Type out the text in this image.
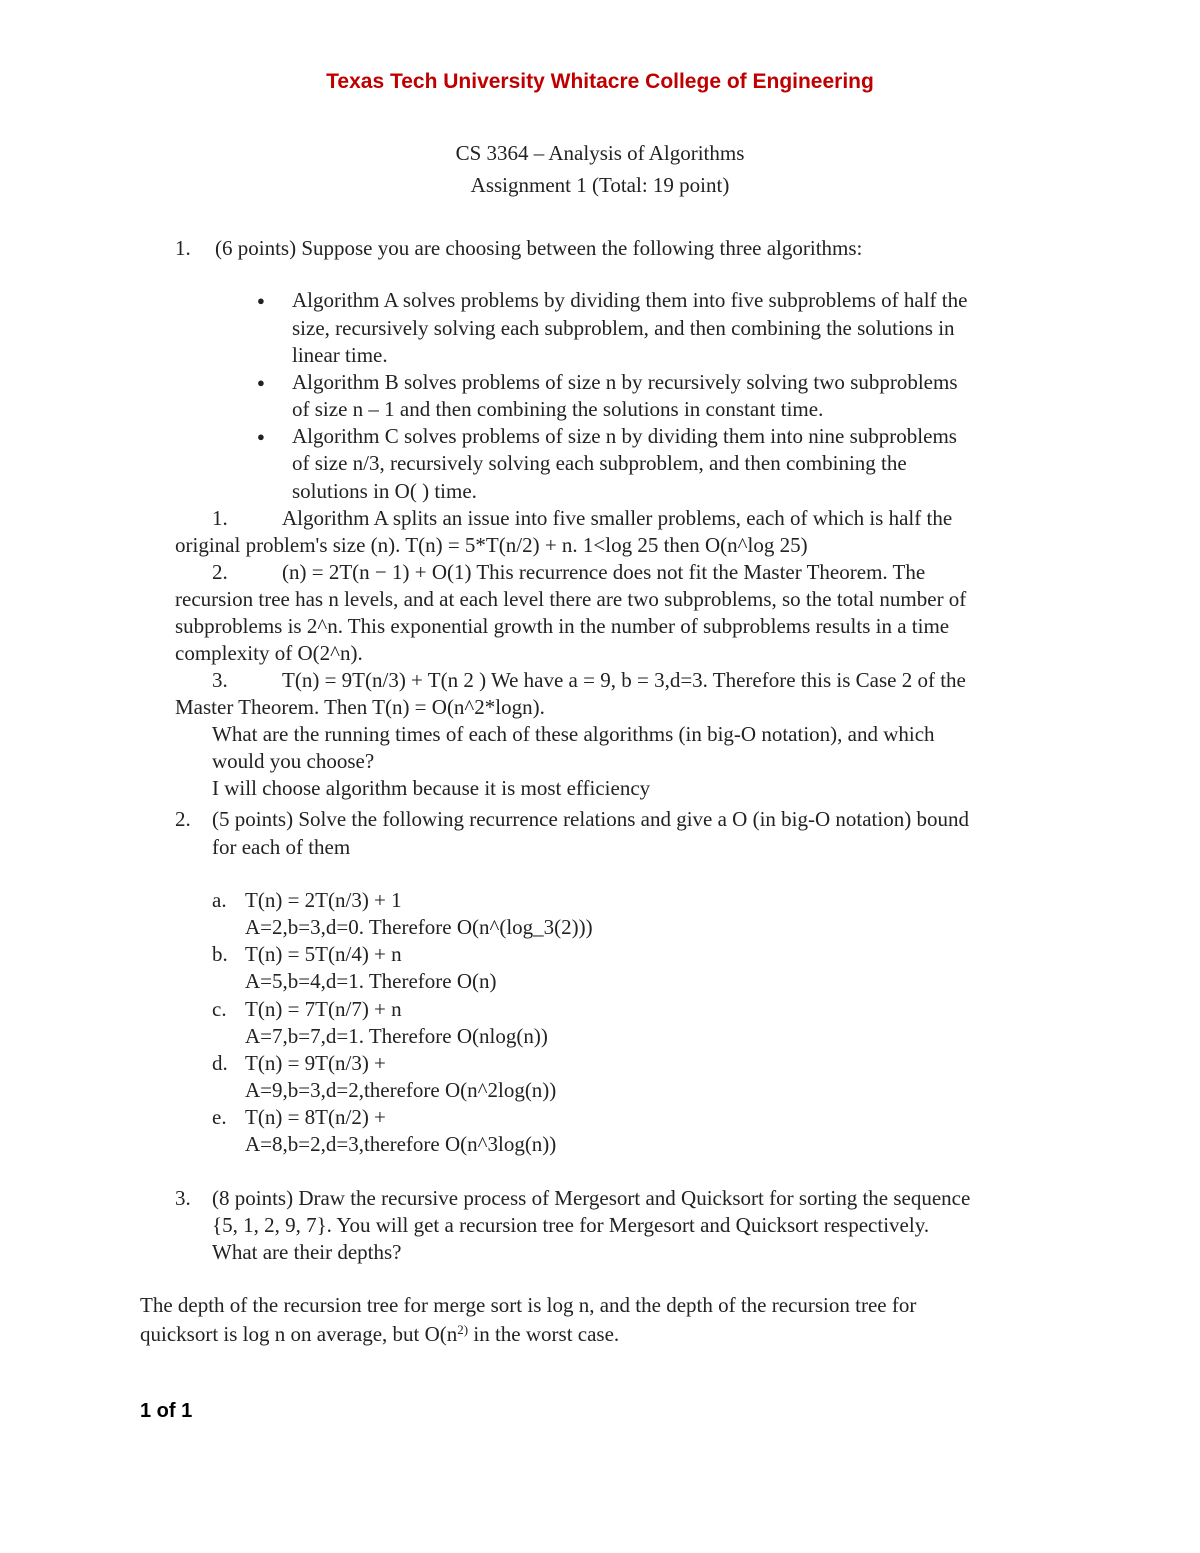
Texas Tech University Whitacre College of Engineering
CS 3364 – Analysis of Algorithms
Assignment 1 (Total: 19 point)
1. (6 points) Suppose you are choosing between the following three algorithms:
● Algorithm A solves problems by dividing them into five subproblems of half the
size, recursively solving each subproblem, and then combining the solutions in
linear time.
● Algorithm B solves problems of size n by recursively solving two subproblems
of size n – 1 and then combining the solutions in constant time.
● Algorithm C solves problems of size n by dividing them into nine subproblems
of size n/3, recursively solving each subproblem, and then combining the
solutions in O( ) time.
1.	Algorithm A splits an issue into five smaller problems, each of which is half the
original problem's size (n). T(n) = 5*T(n/2) + n. 1<log 25 then O(n^log 25)
2.	(n) = 2T(n − 1) + O(1) This recurrence does not fit the Master Theorem. The
recursion tree has n levels, and at each level there are two subproblems, so the total number of
subproblems is 2^n. This exponential growth in the number of subproblems results in a time
complexity of O(2^n).
3.	T(n) = 9T(n/3) + T(n 2 ) We have a = 9, b = 3,d=3. Therefore this is Case 2 of the
Master Theorem. Then T(n) = O(n^2*logn).
What are the running times of each of these algorithms (in big-O notation), and which
would you choose?
I will choose algorithm because it is most efficiency
2. (5 points) Solve the following recurrence relations and give a O (in big-O notation) bound
for each of them
a. T(n) = 2T(n/3) + 1
A=2,b=3,d=0. Therefore O(n^(log_3(2)))
b. T(n) = 5T(n/4) + n
A=5,b=4,d=1. Therefore O(n)
c. T(n) = 7T(n/7) + n
A=7,b=7,d=1. Therefore O(nlog(n))
d. T(n) = 9T(n/3) +
A=9,b=3,d=2,therefore O(n^2log(n))
e. T(n) = 8T(n/2) +
A=8,b=2,d=3,therefore O(n^3log(n))
3. (8 points) Draw the recursive process of Mergesort and Quicksort for sorting the sequence
{5, 1, 2, 9, 7}. You will get a recursion tree for Mergesort and Quicksort respectively.
What are their depths?
The depth of the recursion tree for merge sort is log n, and the depth of the recursion tree for
quicksort is log n on average, but $O(n^{2)}$ in the worst case.
1 of 1
